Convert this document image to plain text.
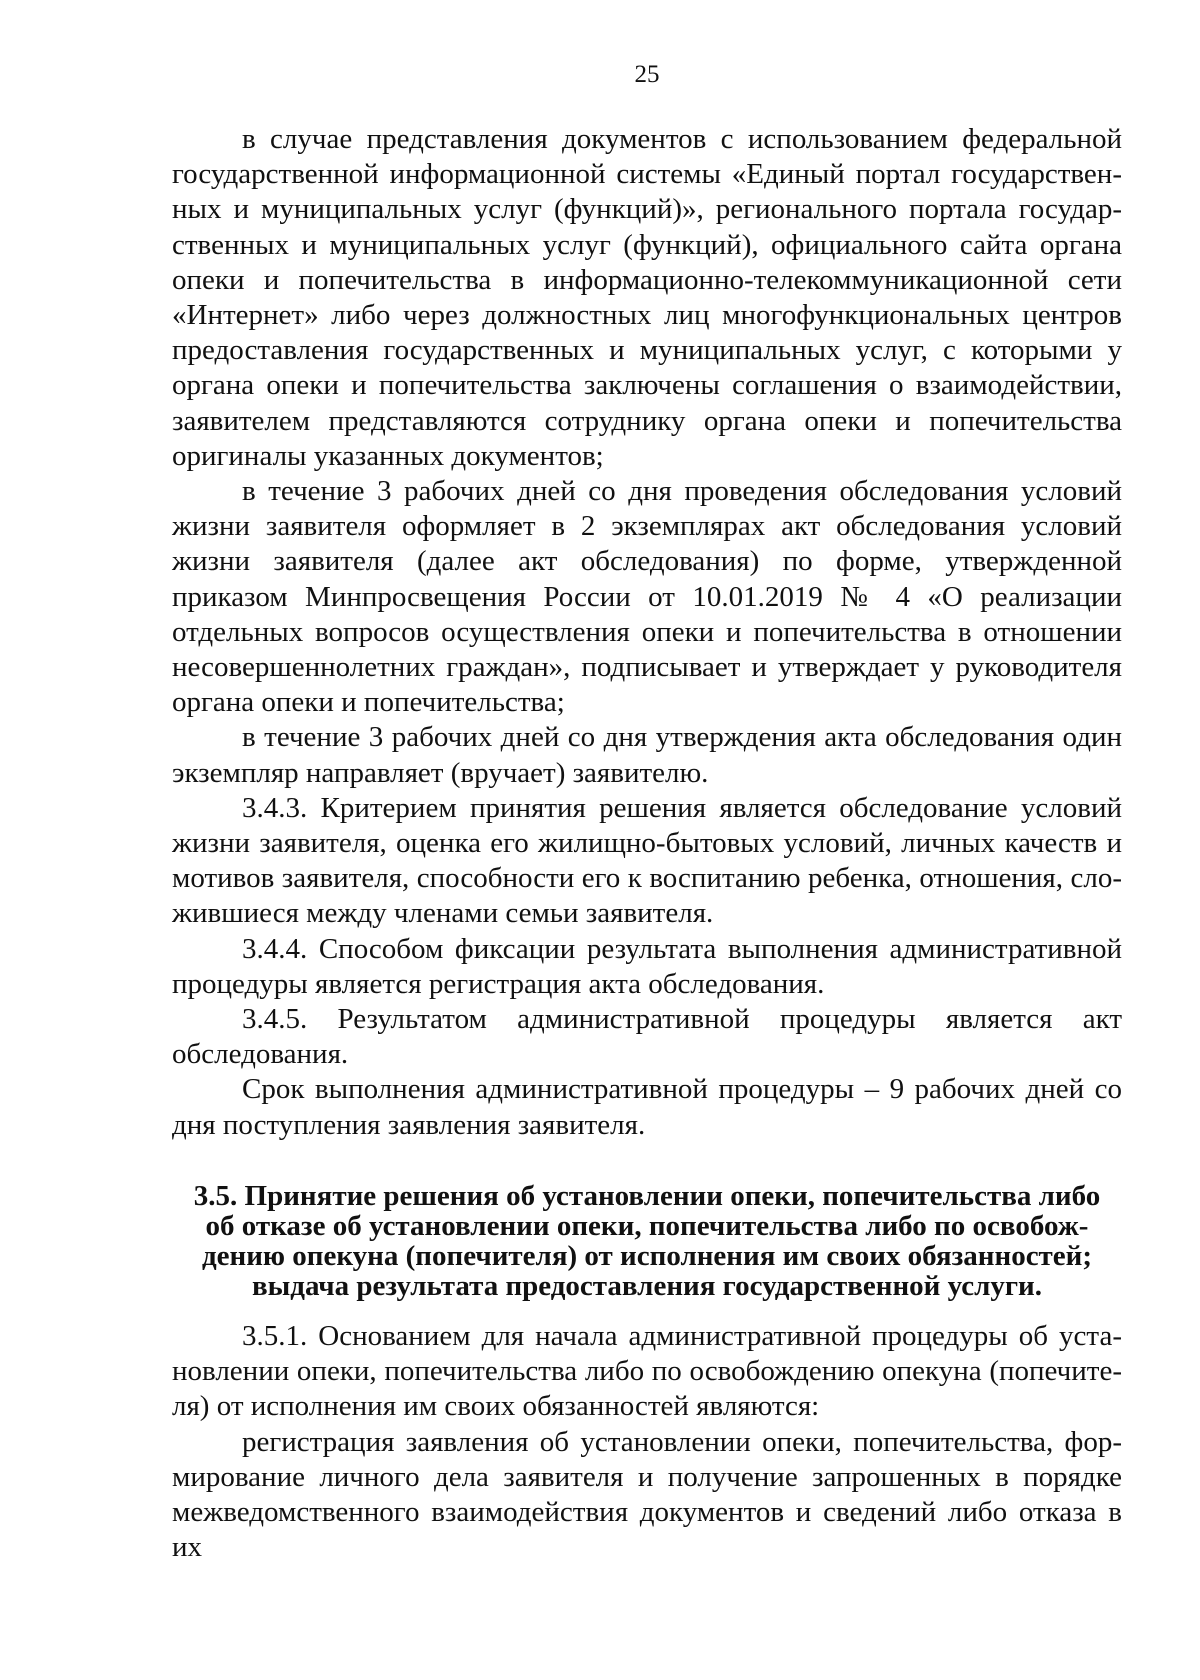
25

в случае представления документов с использованием федеральной государственной информационной системы «Единый портал государственных и муниципальных услуг (функций)», регионального портала государственных и муниципальных услуг (функций), официального сайта органа опеки и попечительства в информационно-телекоммуникационной сети «Интернет» либо через должностных лиц многофункциональных центров предоставления государственных и муниципальных услуг, с которыми у органа опеки и попечительства заключены соглашения о взаимодействии, заявителем представляются сотруднику органа опеки и попечительства оригиналы указанных документов;

в течение 3 рабочих дней со дня проведения обследования условий жизни заявителя оформляет в 2 экземплярах акт обследования условий жизни заявителя (далее акт обследования) по форме, утвержденной приказом Минпросвещения России от 10.01.2019 № 4 «О реализации отдельных вопросов осуществления опеки и попечительства в отношении несовершеннолетних граждан», подписывает и утверждает у руководителя органа опеки и попечительства;

в течение 3 рабочих дней со дня утверждения акта обследования один экземпляр направляет (вручает) заявителю.

3.4.3. Критерием принятия решения является обследование условий жизни заявителя, оценка его жилищно-бытовых условий, личных качеств и мотивов заявителя, способности его к воспитанию ребенка, отношения, сложившиеся между членами семьи заявителя.

3.4.4. Способом фиксации результата выполнения административной процедуры является регистрация акта обследования.

3.4.5. Результатом административной процедуры является акт обследования.

Срок выполнения административной процедуры – 9 рабочих дней со дня поступления заявления заявителя.

3.5. Принятие решения об установлении опеки, попечительства либо об отказе об установлении опеки, попечительства либо по освобождению опекуна (попечителя) от исполнения им своих обязанностей; выдача результата предоставления государственной услуги.

3.5.1. Основанием для начала административной процедуры об установлении опеки, попечительства либо по освобождению опекуна (попечителя) от исполнения им своих обязанностей являются:

регистрация заявления об установлении опеки, попечительства, формирование личного дела заявителя и получение запрошенных в порядке межведомственного взаимодействия документов и сведений либо отказа в их
